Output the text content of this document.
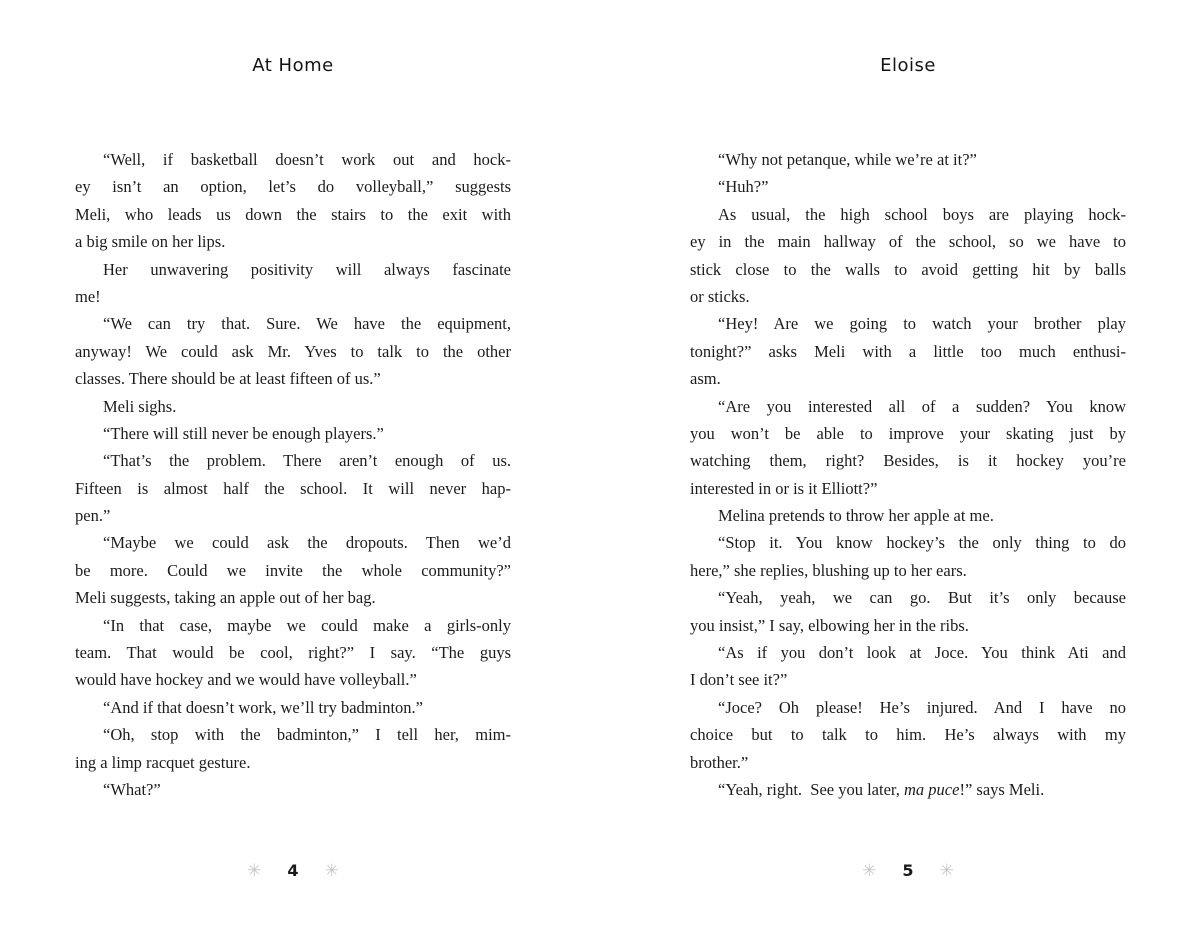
At Home
“Well, if basketball doesn’t work out and hock-
ey isn’t an option, let’s do volleyball,” suggests
Meli, who leads us down the stairs to the exit with
a big smile on her lips.
Her unwavering positivity will always fascinate
me!
“We can try that. Sure. We have the equipment,
anyway! We could ask Mr. Yves to talk to the other
classes. There should be at least fifteen of us.”
Meli sighs.
“There will still never be enough players.”
“That’s the problem. There aren’t enough of us.
Fifteen is almost half the school. It will never hap-
pen.”
“Maybe we could ask the dropouts. Then we’d
be more. Could we invite the whole community?”
Meli suggests, taking an apple out of her bag.
“In that case, maybe we could make a girls-only
team. That would be cool, right?” I say. “The guys
would have hockey and we would have volleyball.”
“And if that doesn’t work, we’ll try badminton.”
“Oh, stop with the badminton,” I tell her, mim-
ing a limp racquet gesture.
“What?”
✳ 4 ✳
Eloise
“Why not petanque, while we’re at it?”
“Huh?”
As usual, the high school boys are playing hock-
ey in the main hallway of the school, so we have to
stick close to the walls to avoid getting hit by balls
or sticks.
“Hey! Are we going to watch your brother play
tonight?” asks Meli with a little too much enthusi-
asm.
“Are you interested all of a sudden? You know
you won’t be able to improve your skating just by
watching them, right? Besides, is it hockey you’re
interested in or is it Elliott?”
Melina pretends to throw her apple at me.
“Stop it. You know hockey’s the only thing to do
here,” she replies, blushing up to her ears.
“Yeah, yeah, we can go. But it’s only because
you insist,” I say, elbowing her in the ribs.
“As if you don’t look at Joce. You think Ati and
I don’t see it?”
“Joce? Oh please! He’s injured. And I have no
choice but to talk to him. He’s always with my
brother.”
“Yeah, right.  See you later, ma puce!” says Meli.
✳ 5 ✳
